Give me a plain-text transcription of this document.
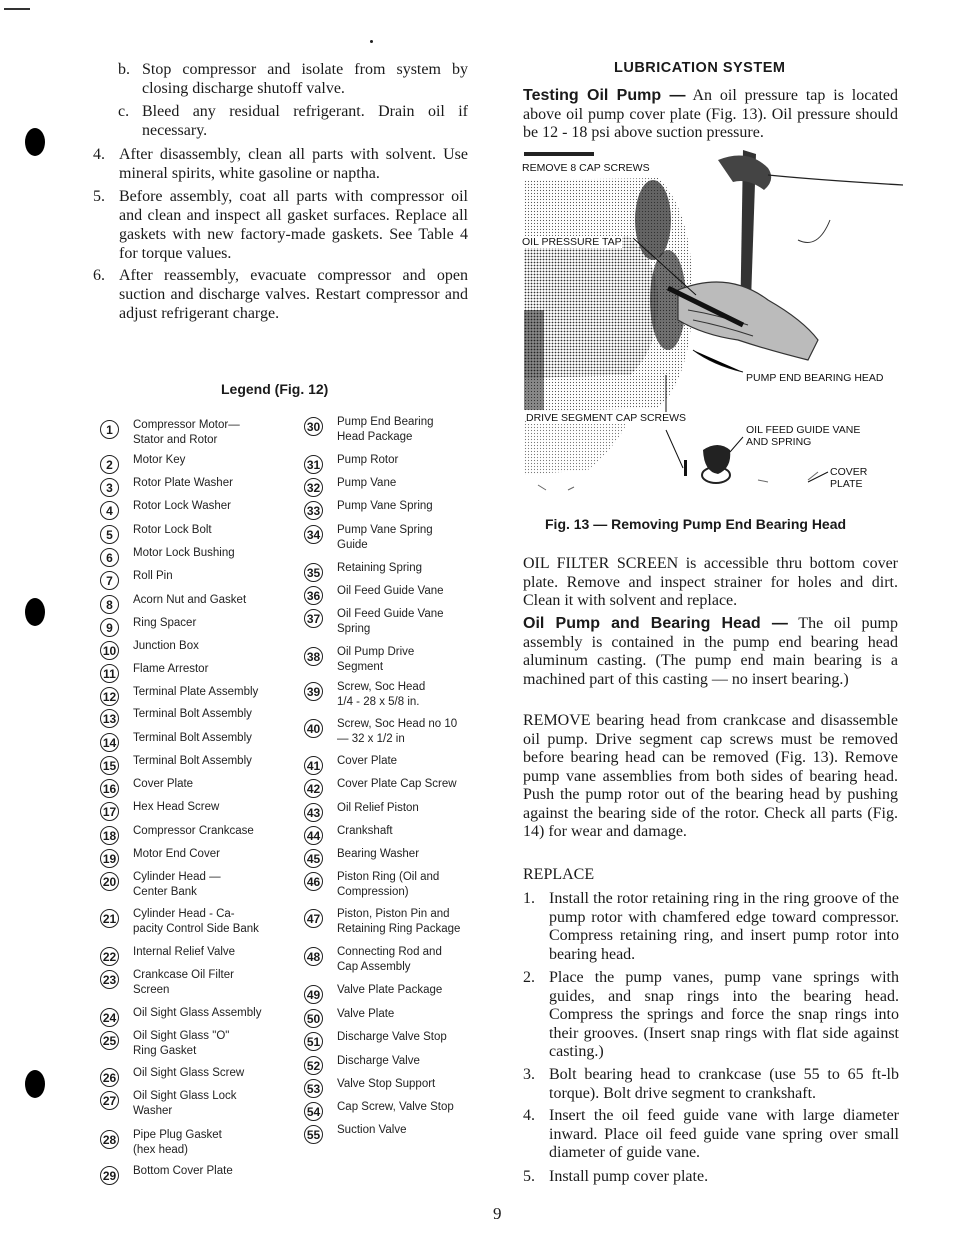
b. Stop compressor and isolate from system by closing discharge shutoff valve.
c. Bleed any residual refrigerant. Drain oil if necessary.
4. After disassembly, clean all parts with solvent. Use mineral spirits, white gasoline or naptha.
5. Before assembly, coat all parts with compressor oil and clean and inspect all gasket surfaces. Replace all gaskets with new factory-made gaskets. See Table 4 for torque values.
6. After reassembly, evacuate compressor and open suction and discharge valves. Restart compressor and adjust refrigerant charge.
Legend (Fig. 12)
1	Compressor Motor—
Stator and Rotor
2	Motor Key
3	Rotor Plate Washer
4	Rotor Lock Washer
5	Rotor Lock Bolt
6	Motor Lock Bushing
7	Roll Pin
8	Acorn Nut and Gasket
9	Ring Spacer
10 Junction Box
11 Flame Arrestor
12 Terminal Plate Assembly
13 Terminal Bolt Assembly
14 Terminal Bolt Assembly
15 Terminal Bolt Assembly
16 Cover Plate
17 Hex Head Screw
18 Compressor Crankcase
19 Motor End Cover
20 Cylinder Head —
Center Bank
21 Cylinder Head - Ca-
pacity Control Side Bank
22 Internal Relief Valve
23 Crankcase Oil Filter
Screen
24 Oil Sight Glass Assembly
25 Oil Sight Glass "O"
Ring Gasket
26 Oil Sight Glass Screw
27 Oil Sight Glass Lock
Washer
28 Pipe Plug Gasket
(hex head)
29 Bottom Cover Plate
30 Pump End Bearing
Head Package
31 Pump Rotor
32 Pump Vane
33 Pump Vane Spring
34 Pump Vane Spring
Guide
35 Retaining Spring
36 Oil Feed Guide Vane
37 Oil Feed Guide Vane
Spring
38 Oil Pump Drive
Segment
39 Screw, Soc Head
1/4 - 28 x 5/8 in.
40 Screw, Soc Head no 10
— 32 x 1/2 in
41 Cover Plate
42 Cover Plate Cap Screw
43 Oil Relief Piston
44 Crankshaft
45 Bearing Washer
46 Piston Ring (Oil and
Compression)
47 Piston, Piston Pin and
Retaining Ring Package
48 Connecting Rod and
Cap Assembly
49 Valve Plate Package
50 Valve Plate
51 Discharge Valve Stop
52 Discharge Valve
53 Valve Stop Support
54 Cap Screw, Valve Stop
55 Suction Valve
LUBRICATION SYSTEM
Testing Oil Pump — An oil pressure tap is located above oil pump cover plate (Fig. 13). Oil pressure should be 12 - 18 psi above suction pressure.
REMOVE 8 CAP SCREWS
OIL PRESSURE TAP
PUMP END BEARING HEAD
DRIVE SEGMENT CAP SCREWS
OIL FEED GUIDE VANE
AND SPRING
COVER
PLATE
Fig. 13 — Removing Pump End Bearing Head
OIL FILTER SCREEN is accessible thru bottom cover plate. Remove and inspect strainer for holes and dirt. Clean it with solvent and replace.
Oil Pump and Bearing Head — The oil pump assembly is contained in the pump end bearing head aluminum casting. (The pump end main bearing is a machined part of this casting — no insert bearing.)
REMOVE bearing head from crankcase and disassemble oil pump. Drive segment cap screws must be removed before bearing head can be removed (Fig. 13). Remove pump vane assemblies from both sides of bearing head. Push the pump rotor out of the bearing head by pushing against the bearing side of the rotor. Check all parts (Fig. 14) for wear and damage.
REPLACE
1. Install the rotor retaining ring in the ring groove of the pump rotor with chamfered edge toward compressor. Compress retaining ring, and insert pump rotor into bearing head.
2. Place the pump vanes, pump vane springs with guides, and snap rings into the bearing head. Compress the springs and force the snap rings into their grooves. (Insert snap rings with flat side against casting.)
3. Bolt bearing head to crankcase (use 55 to 65 ft-lb torque). Bolt drive segment to crankshaft.
4. Insert the oil feed guide vane with large diameter inward. Place oil feed guide vane spring over small diameter of guide vane.
5. Install pump cover plate.
9
